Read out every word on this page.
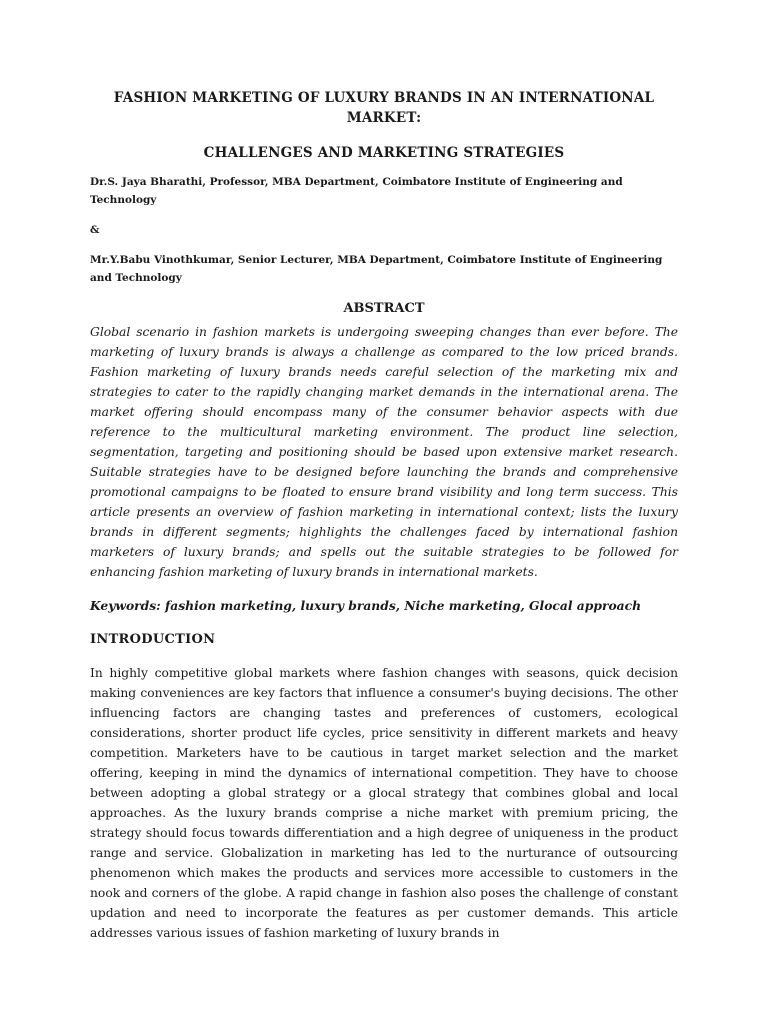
FASHION MARKETING OF LUXURY BRANDS IN AN INTERNATIONAL MARKET:

CHALLENGES AND MARKETING STRATEGIES

Dr.S. Jaya Bharathi, Professor, MBA Department, Coimbatore Institute of Engineering and Technology

&

Mr.Y.Babu Vinothkumar, Senior Lecturer, MBA Department, Coimbatore Institute of Engineering and Technology

ABSTRACT

Global scenario in fashion markets is undergoing sweeping changes than ever before. The marketing of luxury brands is always a challenge as compared to the low priced brands. Fashion marketing of luxury brands needs careful selection of the marketing mix and strategies to cater to the rapidly changing market demands in the international arena. The market offering should encompass many of the consumer behavior aspects with due reference to the multicultural marketing environment. The product line selection, segmentation, targeting and positioning should be based upon extensive market research. Suitable strategies have to be designed before launching the brands and comprehensive promotional campaigns to be floated to ensure brand visibility and long term success. This article presents an overview of fashion marketing in international context; lists the luxury brands in different segments; highlights the challenges faced by international fashion marketers of luxury brands; and spells out the suitable strategies to be followed for enhancing fashion marketing of luxury brands in international markets.

Keywords: fashion marketing, luxury brands, Niche marketing, Glocal approach

INTRODUCTION

In highly competitive global markets where fashion changes with seasons, quick decision making conveniences are key factors that influence a consumer's buying decisions. The other influencing factors are changing tastes and preferences of customers, ecological considerations, shorter product life cycles, price sensitivity in different markets and heavy competition. Marketers have to be cautious in target market selection and the market offering, keeping in mind the dynamics of international competition. They have to choose between adopting a global strategy or a glocal strategy that combines global and local approaches. As the luxury brands comprise a niche market with premium pricing, the strategy should focus towards differentiation and a high degree of uniqueness in the product range and service. Globalization in marketing has led to the nurturance of outsourcing phenomenon which makes the products and services more accessible to customers in the nook and corners of the globe. A rapid change in fashion also poses the challenge of constant updation and need to incorporate the features as per customer demands. This article addresses various issues of fashion marketing of luxury brands in
